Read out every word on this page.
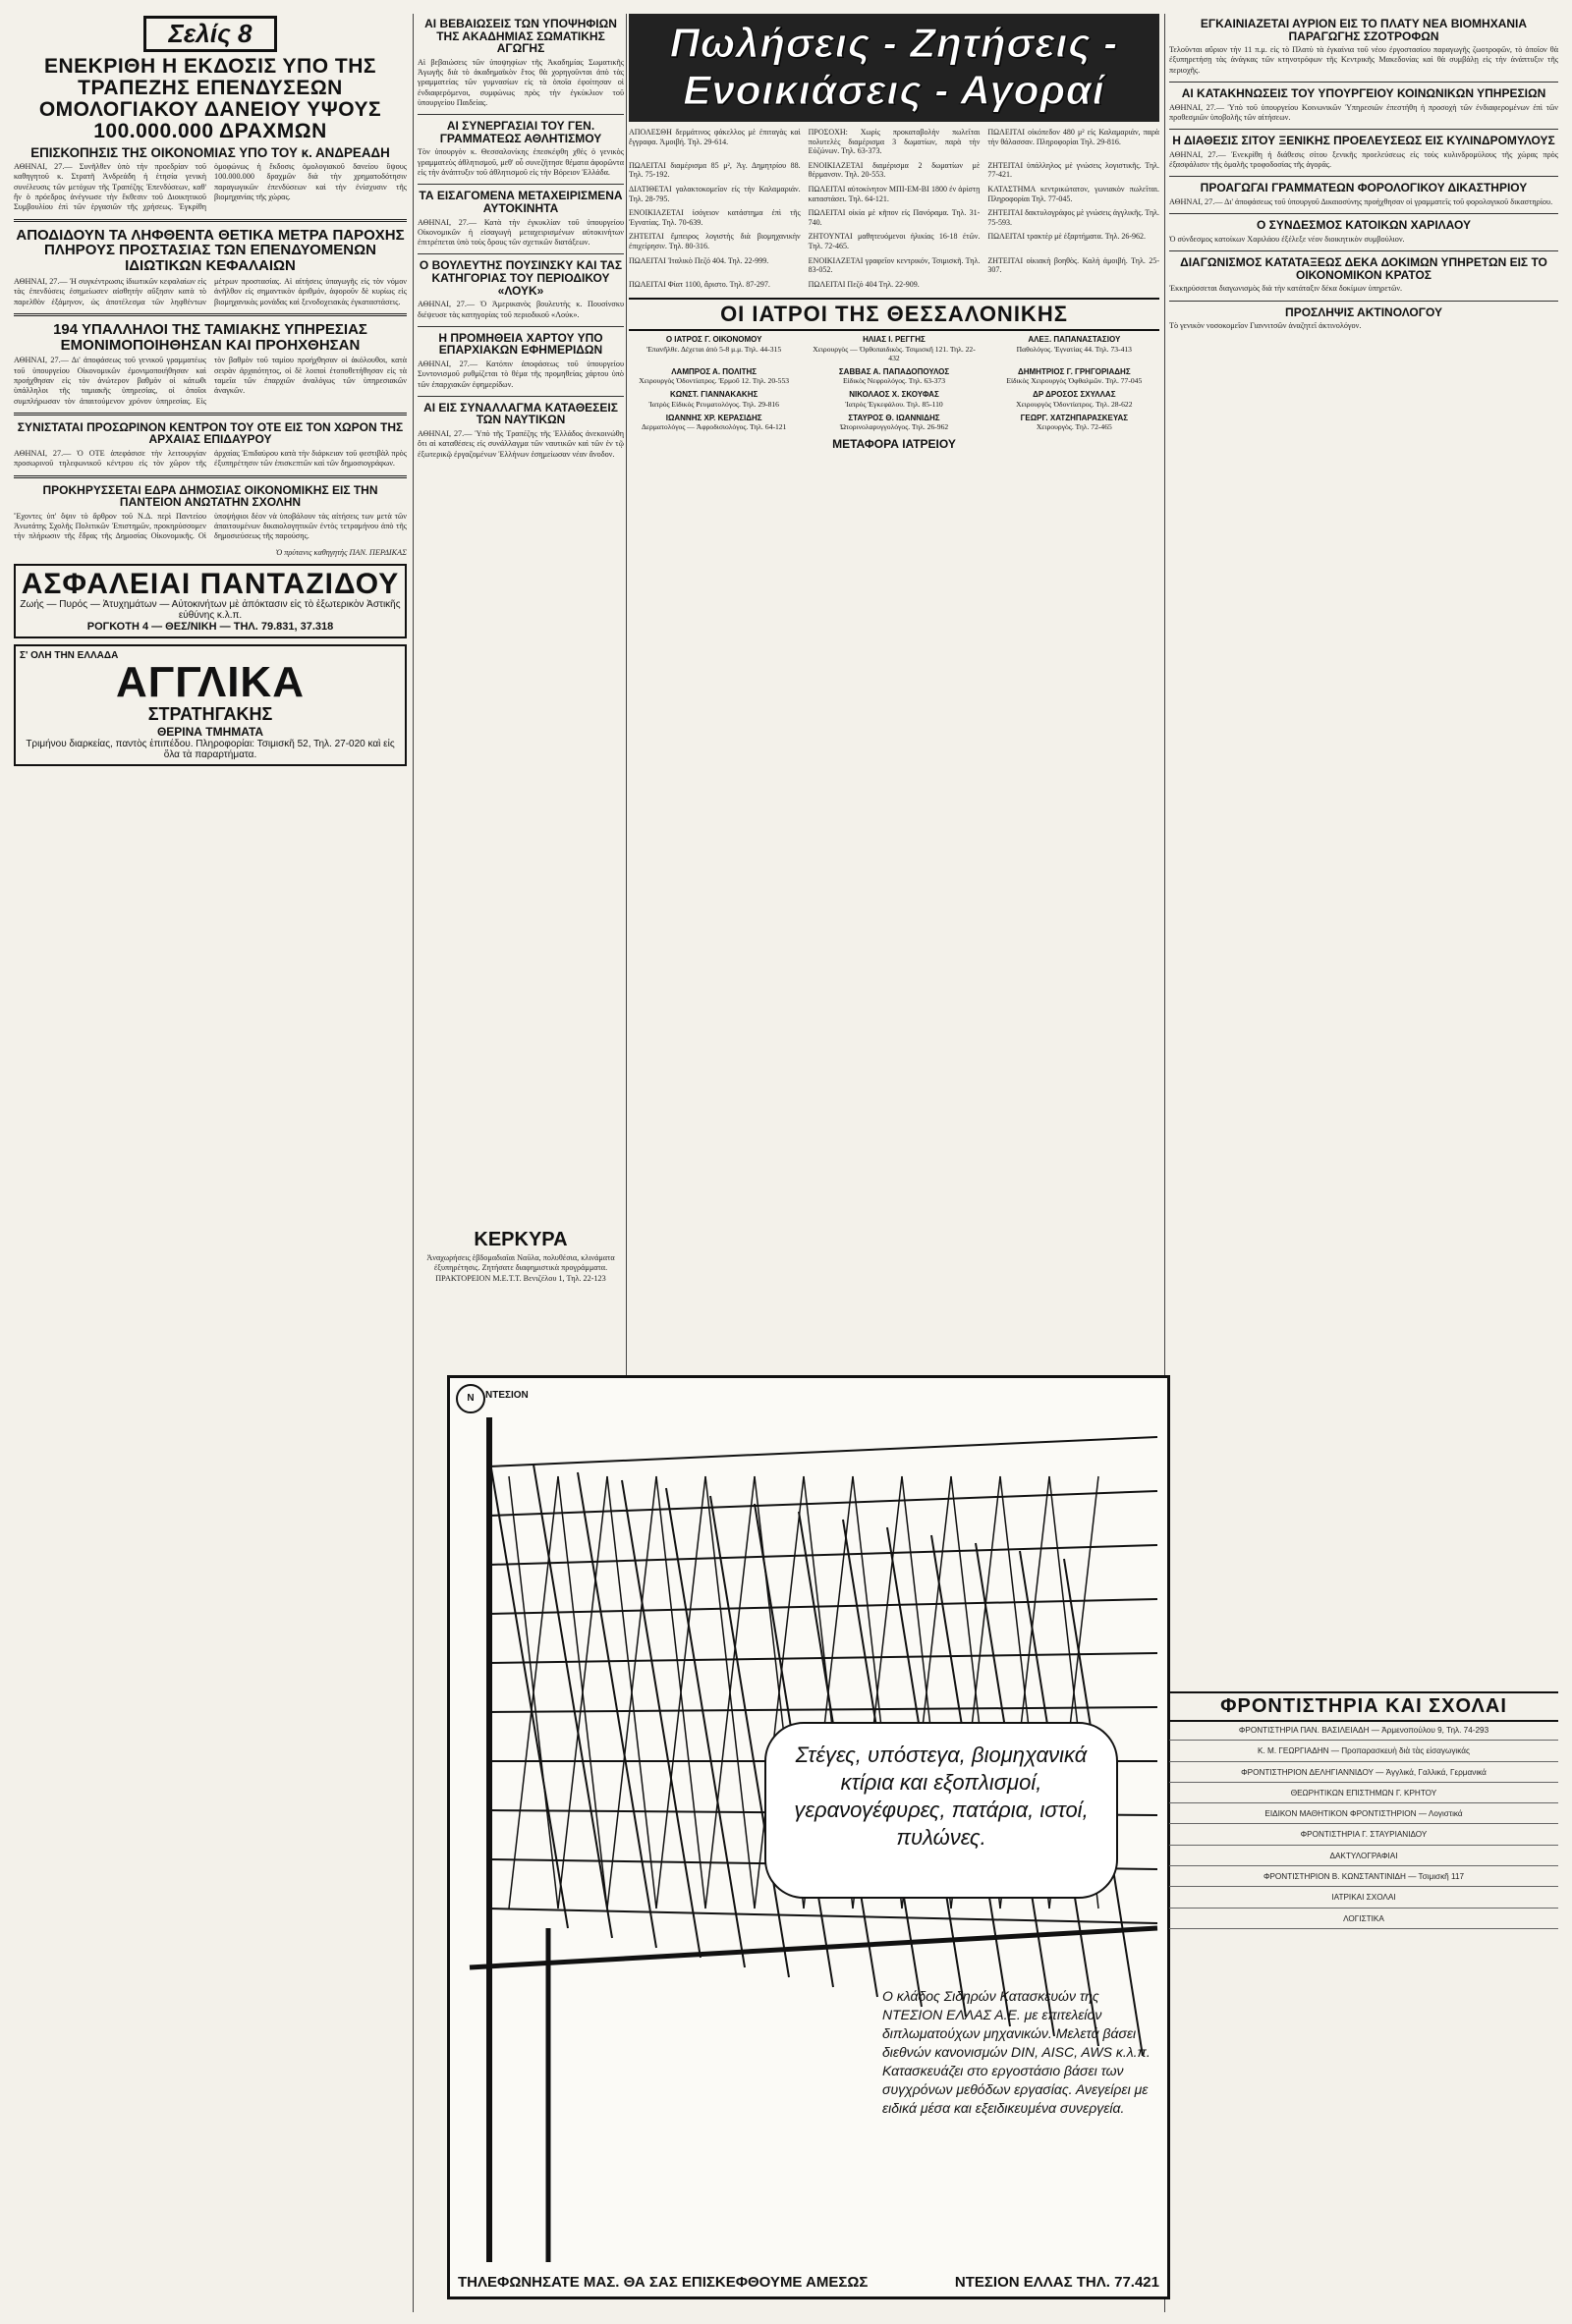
Σελίς 8
ΕΝΕΚΡΙΘΗ Η ΕΚΔΟΣΙΣ ΥΠΟ ΤΗΣ ΤΡΑΠΕΖΗΣ ΕΠΕΝΔΥΣΕΩΝ ΟΜΟΛΟΓΙΑΚΟΥ ΔΑΝΕΙΟΥ ΥΨΟΥΣ 100.000.000 ΔΡΑΧΜΩΝ
ΕΠΙΣΚΟΠΗΣΙΣ ΤΗΣ ΟΙΚΟΝΟΜΙΑΣ ΥΠΟ ΤΟΥ κ. ΑΝΔΡΕΑΔΗ
ΑΘΗΝΑΙ, 27.— Συνῆλθεν ὑπὸ τὴν προεδρίαν τοῦ καθηγητοῦ κ. Στρατῆ Ἀνδρεάδη ἡ ἐτησία γενικὴ συνέλευσις τῶν μετόχων τῆς Τραπέζης Ἐπενδύσεων, καθ' ἣν ὁ πρόεδρος ἀνέγνωσε τὴν ἔκθεσιν τοῦ Διοικητικοῦ Συμβουλίου ἐπὶ τῶν ἐργασιῶν τῆς χρήσεως. Ἐγκρίθη ὁμοφώνως ἡ ἔκδοσις ὁμολογιακοῦ δανείου ὕψους 100.000.000 δραχμῶν διὰ τὴν χρηματοδότησιν παραγωγικῶν ἐπενδύσεων καὶ τὴν ἐνίσχυσιν τῆς βιομηχανίας τῆς χώρας.
ΑΠΟΔΙΔΟΥΝ ΤΑ ΛΗΦΘΕΝΤΑ ΘΕΤΙΚΑ ΜΕΤΡΑ ΠΑΡΟΧΗΣ ΠΛΗΡΟΥΣ ΠΡΟΣΤΑΣΙΑΣ ΤΩΝ ΕΠΕΝΔΥΟΜΕΝΩΝ ΙΔΙΩΤΙΚΩΝ ΚΕΦΑΛΑΙΩΝ
ΑΘΗΝΑΙ, 27.— Ἡ συγκέντρωσις ἰδιωτικῶν κεφαλαίων εἰς τὰς ἐπενδύσεις ἐσημείωσεν αἰσθητὴν αὔξησιν κατὰ τὸ παρελθὸν ἑξάμηνον, ὡς ἀποτέλεσμα τῶν ληφθέντων μέτρων προστασίας. Αἱ αἰτήσεις ὑπαγωγῆς εἰς τὸν νόμον ἀνῆλθον εἰς σημαντικὸν ἀριθμόν, ἀφοροῦν δὲ κυρίως εἰς βιομηχανικὰς μονάδας καὶ ξενοδοχειακὰς ἐγκαταστάσεις.
194 ΥΠΑΛΛΗΛΟΙ ΤΗΣ ΤΑΜΙΑΚΗΣ ΥΠΗΡΕΣΙΑΣ ΕΜΟΝΙΜΟΠΟΙΗΘΗΣΑΝ ΚΑΙ ΠΡΟΗΧΘΗΣΑΝ
ΑΘΗΝΑΙ, 27.— Δι' ἀποφάσεως τοῦ γενικοῦ γραμματέως τοῦ ὑπουργείου Οἰκονομικῶν ἐμονιμοποιήθησαν καὶ προήχθησαν εἰς τὸν ἀνώτερον βαθμὸν οἱ κάτωθι ὑπάλληλοι τῆς ταμιακῆς ὑπηρεσίας, οἱ ὁποῖοι συμπλήρωσαν τὸν ἀπαιτούμενον χρόνον ὑπηρεσίας. Εἰς τὸν βαθμὸν τοῦ ταμίου προήχθησαν οἱ ἀκόλουθοι, κατὰ σειρὰν ἀρχαιότητος, οἱ δὲ λοιποὶ ἐτοποθετήθησαν εἰς τὰ ταμεῖα τῶν ἐπαρχιῶν ἀναλόγως τῶν ὑπηρεσιακῶν ἀναγκῶν.
ΣΥΝΙΣΤΑΤΑΙ ΠΡΟΣΩΡΙΝΟΝ ΚΕΝΤΡΟΝ ΤΟΥ ΟΤΕ ΕΙΣ ΤΟΝ ΧΩΡΟΝ ΤΗΣ ΑΡΧΑΙΑΣ ΕΠΙΔΑΥΡΟΥ
ΑΘΗΝΑΙ, 27.— Ὁ ΟΤΕ ἀπεφάσισε τὴν λειτουργίαν προσωρινοῦ τηλεφωνικοῦ κέντρου εἰς τὸν χῶρον τῆς ἀρχαίας Ἐπιδαύρου κατὰ τὴν διάρκειαν τοῦ φεστιβὰλ πρὸς ἐξυπηρέτησιν τῶν ἐπισκεπτῶν καὶ τῶν δημοσιογράφων.
ΠΡΟΚΗΡΥΣΣΕΤΑΙ ΕΔΡΑ ΔΗΜΟΣΙΑΣ ΟΙΚΟΝΟΜΙΚΗΣ ΕΙΣ ΤΗΝ ΠΑΝΤΕΙΟΝ ΑΝΩΤΑΤΗΝ ΣΧΟΛΗΝ
Ἔχοντες ὑπ' ὄψιν τὸ ἄρθρον τοῦ Ν.Δ. περὶ Παντείου Ἀνωτάτης Σχολῆς Πολιτικῶν Ἐπιστημῶν, προκηρύσσομεν τὴν πλήρωσιν τῆς ἕδρας τῆς Δημοσίας Οἰκονομικῆς. Οἱ ὑποψήφιοι δέον νὰ ὑποβάλουν τὰς αἰτήσεις των μετὰ τῶν ἀπαιτουμένων δικαιολογητικῶν ἐντὸς τετραμήνου ἀπὸ τῆς δημοσιεύσεως τῆς παρούσης.
Ὁ πρύτανις καθηγητὴς ΠΑΝ. ΠΕΡΔΙΚΑΣ
ΑΣΦΑΛΕΙΑΙ ΠΑΝΤΑΖΙΔΟΥ
Ζωής — Πυρός — Ἀτυχημάτων — Αὐτοκινήτων μὲ ἀπόκτασιν εἰς τὸ ἐξωτερικὸν Ἀστικῆς εὐθύνης κ.λ.π.
ΡΟΓΚΟΤΗ 4 — ΘΕΣ/ΝΙΚΗ — ΤΗΛ. 79.831, 37.318
Σ' ΟΛΗ ΤΗΝ ΕΛΛΑΔΑ
ΑΓΓΛΙΚΑ
ΣΤΡΑΤΗΓΑΚΗΣ
ΘΕΡΙΝΑ ΤΜΗΜΑΤΑ
Τριμήνου διαρκείας, παντὸς ἐπιπέδου. Πληροφορίαι: Τσιμισκῆ 52, Τηλ. 27-020 καὶ εἰς ὅλα τὰ παραρτήματα.
ΑΙ ΒΕΒΑΙΩΣΕΙΣ ΤΩΝ ΥΠΟΨΗΦΙΩΝ ΤΗΣ ΑΚΑΔΗΜΙΑΣ ΣΩΜΑΤΙΚΗΣ ΑΓΩΓΗΣ
Αἱ βεβαιώσεις τῶν ὑποψηφίων τῆς Ἀκαδημίας Σωματικῆς Ἀγωγῆς διὰ τὸ ἀκαδημαϊκὸν ἔτος θὰ χορηγοῦνται ἀπὸ τὰς γραμματείας τῶν γυμνασίων εἰς τὰ ὁποῖα ἐφοίτησαν οἱ ἐνδιαφερόμενοι, συμφώνως πρὸς τὴν ἐγκύκλιον τοῦ ὑπουργείου Παιδείας.
ΑΙ ΣΥΝΕΡΓΑΣΙΑΙ ΤΟΥ ΓΕΝ. ΓΡΑΜΜΑΤΕΩΣ ΑΘΛΗΤΙΣΜΟΥ
Τὸν ὑπουργὸν κ. Θεσσαλονίκης ἐπεσκέφθη χθὲς ὁ γενικὸς γραμματεὺς ἀθλητισμοῦ, μεθ' οὗ συνεζήτησε θέματα ἀφορῶντα εἰς τὴν ἀνάπτυξιν τοῦ ἀθλητισμοῦ εἰς τὴν Βόρειον Ἑλλάδα.
ΤΑ ΕΙΣΑΓΟΜΕΝΑ ΜΕΤΑΧΕΙΡΙΣΜΕΝΑ ΑΥΤΟΚΙΝΗΤΑ
ΑΘΗΝΑΙ, 27.— Κατὰ τὴν ἐγκυκλίαν τοῦ ὑπουργείου Οἰκονομικῶν ἡ εἰσαγωγὴ μεταχειρισμένων αὐτοκινήτων ἐπιτρέπεται ὑπὸ τοὺς ὅρους τῶν σχετικῶν διατάξεων.
Ο ΒΟΥΛΕΥΤΗΣ ΠΟΥΣΙΝΣΚΥ ΚΑΙ ΤΑΣ ΚΑΤΗΓΟΡΙΑΣ ΤΟΥ ΠΕΡΙΟΔΙΚΟΥ «ΛΟΥΚ»
ΑΘΗΝΑΙ, 27.— Ὁ Ἀμερικανὸς βουλευτὴς κ. Πουσίνσκυ διέψευσε τὰς κατηγορίας τοῦ περιοδικοῦ «Λούκ».
Η ΠΡΟΜΗΘΕΙΑ ΧΑΡΤΟΥ ΥΠΟ ΕΠΑΡΧΙΑΚΩΝ ΕΦΗΜΕΡΙΔΩΝ
ΑΘΗΝΑΙ, 27.— Κατόπιν ἀποφάσεως τοῦ ὑπουργείου Συντονισμοῦ ρυθμίζεται τὸ θέμα τῆς προμηθείας χάρτου ὑπὸ τῶν ἐπαρχιακῶν ἐφημερίδων.
ΑΙ ΕΙΣ ΣΥΝΑΛΛΑΓΜΑ ΚΑΤΑΘΕΣΕΙΣ ΤΩΝ ΝΑΥΤΙΚΩΝ
ΑΘΗΝΑΙ, 27.— Ὑπὸ τῆς Τραπέζης τῆς Ἑλλάδος ἀνεκοινώθη ὅτι αἱ καταθέσεις εἰς συνάλλαγμα τῶν ναυτικῶν καὶ τῶν ἐν τῷ ἐξωτερικῷ ἐργαζομένων Ἑλλήνων ἐσημείωσαν νέαν ἄνοδον.
ΚΕΡΚΥΡΑ
Ἀναχωρήσεις ἑβδομαδιαῖαι Ναῦλα, πολυθέσια, κλινάματα ἐξυπηρέτησις. Ζητήσατε διαφημιστικὰ προγράμματα. ΠΡΑΚΤΟΡΕΙΟΝ Μ.Ε.Τ.Τ. Βενιζέλου 1, Τηλ. 22-123
Πωλήσεις - Ζητήσεις - Ενοικιάσεις - Αγοραί
ΑΠΟΛΕΣΘΗ δερμάτινος φάκελλος μὲ ἐπιταγὰς καὶ ἔγγραφα. Ἀμοιβή. Τηλ. 29-614.
ΠΡΟΣΟΧΗ: Χωρὶς προκαταβολὴν πωλεῖται πολυτελὲς διαμέρισμα 3 δωματίων, παρὰ τὴν Εὐζώνων. Τηλ. 63-373.
ΠΩΛΕΙΤΑΙ οἰκόπεδον 480 μ² εἰς Καλαμαριάν, παρὰ τὴν θάλασσαν. Πληροφορίαι Τηλ. 29-816.
ΠΩΛΕΙΤΑΙ διαμέρισμα 85 μ², Ἀγ. Δημητρίου 88. Τηλ. 75-192.
ΕΝΟΙΚΙΑΖΕΤΑΙ διαμέρισμα 2 δωματίων μὲ θέρμανσιν. Τηλ. 20-553.
ΖΗΤΕΙΤΑΙ ὑπάλληλος μὲ γνώσεις λογιστικῆς. Τηλ. 77-421.
ΔΙΑΤΙΘΕΤΑΙ γαλακτοκομεῖον εἰς τὴν Καλαμαριάν. Τηλ. 28-795.
ΠΩΛΕΙΤΑΙ αὐτοκίνητον ΜΠΙ-ΕΜ-ΒΙ 1800 ἐν ἀρίστῃ καταστάσει. Τηλ. 64-121.
ΚΑΤΑΣΤΗΜΑ κεντρικώτατον, γωνιακὸν πωλεῖται. Πληροφορίαι Τηλ. 77-045.
ΕΝΟΙΚΙΑΖΕΤΑΙ ἰσόγειον κατάστημα ἐπὶ τῆς Ἐγνατίας. Τηλ. 70-639.
ΠΩΛΕΙΤΑΙ οἰκία μὲ κῆπον εἰς Πανόραμα. Τηλ. 31-740.
ΖΗΤΕΙΤΑΙ δακτυλογράφος μὲ γνώσεις ἀγγλικῆς. Τηλ. 75-593.
ΖΗΤΕΙΤΑΙ ἔμπειρος λογιστὴς διὰ βιομηχανικὴν ἐπιχείρησιν. Τηλ. 80-316.
ΖΗΤΟΥΝΤΑΙ μαθητευόμενοι ἡλικίας 16-18 ἐτῶν. Τηλ. 72-465.
ΠΩΛΕΙΤΑΙ τρακτὲρ μὲ ἐξαρτήματα. Τηλ. 26-962.
ΠΩΛΕΙΤΑΙ Ἰταλικὸ Πεζό 404. Τηλ. 22-999.	ΕΝΟΙΚΙΑΖΕΤΑΙ γραφεῖον κεντρικόν, Τσιμισκῆ. Τηλ. 83-052.
ΖΗΤΕΙΤΑΙ οἰκιακὴ βοηθὸς. Καλὴ ἀμοιβή. Τηλ. 25-307.
ΠΩΛΕΙΤΑΙ Φίατ 1100, ἄριστο. Τηλ. 87-297.	ΠΩΛΕΙΤΑΙ Πεζό 404 Τηλ. 22-909.
ΟΙ ΙΑΤΡΟΙ ΤΗΣ ΘΕΣΣΑΛΟΝΙΚΗΣ
Ο ΙΑΤΡΟΣ Γ. ΟΙΚΟΝΟΜΟΥ
Ἐπανῆλθε. Δέχεται ἀπὸ 5-8 μ.μ. Τηλ. 44-315
ΗΛΙΑΣ Ι. ΡΕΓΓΗΣ
Χειρουργὸς — Ὀρθοπαιδικὸς. Τσιμισκῆ 121. Τηλ. 22-432
ΑΛΕΞ. ΠΑΠΑΝΑΣΤΑΣΙΟΥ
Παθολόγος. Ἐγνατίας 44. Τηλ. 73-413
ΛΑΜΠΡΟΣ Α. ΠΟΛΙΤΗΣ
Χειρουργὸς Ὀδοντίατρος. Ἐρμοῦ 12. Τηλ. 20-553
ΣΑΒΒΑΣ Α. ΠΑΠΑΔΟΠΟΥΛΟΣ
Εἰδικὸς Νεφρολόγος. Τηλ. 63-373
ΔΗΜΗΤΡΙΟΣ Γ. ΓΡΗΓΟΡΙΑΔΗΣ
Εἰδικὸς Χειρουργὸς Ὀφθαλμῶν. Τηλ. 77-045
ΚΩΝΣΤ. ΓΙΑΝΝΑΚΑΚΗΣ
Ἰατρὸς Εἰδικὸς Ρευματολόγος. Τηλ. 29-816
ΝΙΚΟΛΑΟΣ Χ. ΣΚΟΥΦΑΣ
Ἰατρὸς Ἐγκεφάλου. Τηλ. 85-110
ΔΡ ΔΡΟΣΟΣ ΣΧΥΛΛΑΣ
Χειρουργὸς Ὀδοντίατρος. Τηλ. 28-622
ΙΩΑΝΝΗΣ ΧΡ. ΚΕΡΑΣΙΔΗΣ
Δερματολόγος — Ἀφροδισιολόγος. Τηλ. 64-121
ΣΤΑΥΡΟΣ Θ. ΙΩΑΝΝΙΔΗΣ
Ὠτορινολαρυγγολόγος. Τηλ. 26-962
ΓΕΩΡΓ. ΧΑΤΖΗΠΑΡΑΣΚΕΥΑΣ
Χειρουργὸς. Τηλ. 72-465
ΜΕΤΑΦΟΡΑ ΙΑΤΡΕΙΟΥ
Ν	ΝΤΕΣΙΟΝ
Στέγες, υπόστεγα, βιομηχανικά κτίρια και εξοπλισμοί, γερανογέφυρες, πατάρια, ιστοί, πυλώνες.
Ο κλάδος Σιδηρών Κατασκευών της ΝΤΕΣΙΟΝ ΕΛΛΑΣ Α.Ε. με επιτελείον διπλωματούχων μηχανικών. Μελετά βάσει διεθνών κανονισμών DIN, AISC, AWS κ.λ.π. Κατασκευάζει στο εργοστάσιο βάσει των συγχρόνων μεθόδων εργασίας. Ανεγείρει με ειδικά μέσα και εξειδικευμένα συνεργεία.
ΤΗΛΕΦΩΝΗΣΑΤΕ ΜΑΣ. ΘΑ ΣΑΣ ΕΠΙΣΚΕΦΘΟΥΜΕ ΑΜΕΣΩΣ	ΝΤΕΣΙΟΝ ΕΛΛΑΣ ΤΗΛ. 77.421
ΕΓΚΑΙΝΙΑΖΕΤΑΙ ΑΥΡΙΟΝ ΕΙΣ ΤΟ ΠΛΑΤΥ ΝΕΑ ΒΙΟΜΗΧΑΝΙΑ ΠΑΡΑΓΩΓΗΣ ΣΖΟΤΡΟΦΩΝ
Τελοῦνται αὔριον τὴν 11 π.μ. εἰς τὸ Πλατὺ τὰ ἐγκαίνια τοῦ νέου ἐργοστασίου παραγωγῆς ζωοτροφῶν, τὸ ὁποῖον θὰ ἐξυπηρετήσῃ τὰς ἀνάγκας τῶν κτηνοτρόφων τῆς Κεντρικῆς Μακεδονίας καὶ θὰ συμβάλῃ εἰς τὴν ἀνάπτυξιν τῆς περιοχῆς.
ΑΙ ΚΑΤΑΚΗΝΩΣΕΙΣ ΤΟΥ ΥΠΟΥΡΓΕΙΟΥ ΚΟΙΝΩΝΙΚΩΝ ΥΠΗΡΕΣΙΩΝ
ΑΘΗΝΑΙ, 27.— Ὑπὸ τοῦ ὑπουργείου Κοινωνικῶν Ὑπηρεσιῶν ἐπεστήθη ἡ προσοχὴ τῶν ἐνδιαφερομένων ἐπὶ τῶν προθεσμιῶν ὑποβολῆς τῶν αἰτήσεων.
Η ΔΙΑΘΕΣΙΣ ΣΙΤΟΥ ΞΕΝΙΚΗΣ ΠΡΟΕΛΕΥΣΕΩΣ ΕΙΣ ΚΥΛΙΝΔΡΟΜΥΛΟΥΣ
ΑΘΗΝΑΙ, 27.— Ἐνεκρίθη ἡ διάθεσις σίτου ξενικῆς προελεύσεως εἰς τοὺς κυλινδρομύλους τῆς χώρας πρὸς ἐξασφάλισιν τῆς ὁμαλῆς τροφοδοσίας τῆς ἀγορᾶς.
ΠΡΟΑΓΩΓΑΙ ΓΡΑΜΜΑΤΕΩΝ ΦΟΡΟΛΟΓΙΚΟΥ ΔΙΚΑΣΤΗΡΙΟΥ
ΑΘΗΝΑΙ, 27.— Δι' ἀποφάσεως τοῦ ὑπουργοῦ Δικαιοσύνης προήχθησαν οἱ γραμματεῖς τοῦ φορολογικοῦ δικαστηρίου.
Ο ΣΥΝΔΕΣΜΟΣ ΚΑΤΟΙΚΩΝ ΧΑΡΙΛΑΟΥ
Ὁ σύνδεσμος κατοίκων Χαριλάου ἐξέλεξε νέον διοικητικὸν συμβούλιον.
ΔΙΑΓΩΝΙΣΜΟΣ ΚΑΤΑΤΑΞΕΩΣ ΔΕΚΑ ΔΟΚΙΜΩΝ ΥΠΗΡΕΤΩΝ ΕΙΣ ΤΟ ΟΙΚΟΝΟΜΙΚΟΝ ΚΡΑΤΟΣ
Ἐκκηρύσσεται διαγωνισμὸς διὰ τὴν κατάταξιν δέκα δοκίμων ὑπηρετῶν.
ΠΡΟΣΛΗΨΙΣ ΑΚΤΙΝΟΛΟΓΟΥ
Τὸ γενικὸν νοσοκομεῖον Γιαννιτσῶν ἀναζητεῖ ἀκτινολόγον.
ΦΡΟΝΤΙΣΤΗΡΙΑ ΚΑΙ ΣΧΟΛΑΙ
ΦΡΟΝΤΙΣΤΗΡΙΑ ΠΑΝ. ΒΑΣΙΛΕΙΑΔΗ — Ἀρμενοπούλου 9, Τηλ. 74-293
Κ. Μ. ΓΕΩΡΓΙΑΔΗΝ — Προπαρασκευὴ διὰ τὰς εἰσαγωγικάς
ΦΡΟΝΤΙΣΤΗΡΙΟΝ ΔΕΛΗΓΙΑΝΝΙΔΟΥ — Ἀγγλικά, Γαλλικά, Γερμανικά
ΘΕΩΡΗΤΙΚΩΝ ΕΠΙΣΤΗΜΩΝ Γ. ΚΡΗΤΟΥ
ΕΙΔΙΚΟΝ ΜΑΘΗΤΙΚΟΝ ΦΡΟΝΤΙΣΤΗΡΙΟΝ — Λογιστικά
ΦΡΟΝΤΙΣΤΗΡΙΑ Γ. ΣΤΑΥΡΙΑΝΙΔΟΥ
ΔΑΚΤΥΛΟΓΡΑΦΙΑΙ
ΦΡΟΝΤΙΣΤΗΡΙΟΝ Β. ΚΩΝΣΤΑΝΤΙΝΙΔΗ — Τσιμισκῆ 117
ΙΑΤΡΙΚΑΙ ΣΧΟΛΑΙ
ΛΟΓΙΣΤΙΚΑ
